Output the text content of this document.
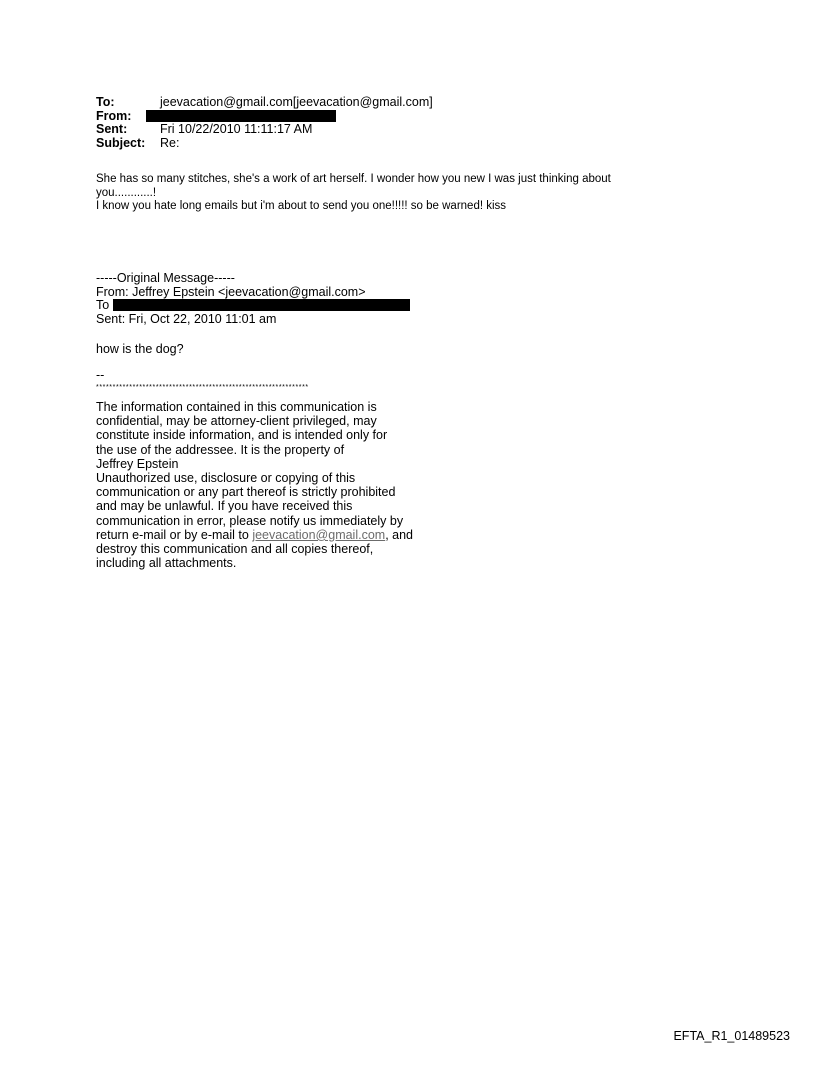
To:	jeevacation@gmail.com[jeevacation@gmail.com]
From:
Sent:	Fri 10/22/2010 11:11:17 AM
Subject: Re:

She has so many stitches, she's a work of art herself. I wonder how you new I was just thinking about

you............!

I know you hate long emails but i'm about to send you one!!!!! so be warned! kiss

-----Original Message-----
From: Jeffrey Epstein <jeevacation@gmail.com>
To
Sent: Fri, Oct 22, 2010 11:01 am
how is the dog?
--
****************************************************************
The information contained in this communication is
confidential, may be attorney-client privileged, may
constitute inside information, and is intended only for
the use of the addressee. It is the property of
Jeffrey Epstein
Unauthorized use, disclosure or copying of this
communication or any part thereof is strictly prohibited
and may be unlawful. If you have received this
communication in error, please notify us immediately by
return e-mail or by e-mail to jeevacation@gmail.com, and
destroy this communication and all copies thereof,
including all attachments.
EFTA_R1_01489523
